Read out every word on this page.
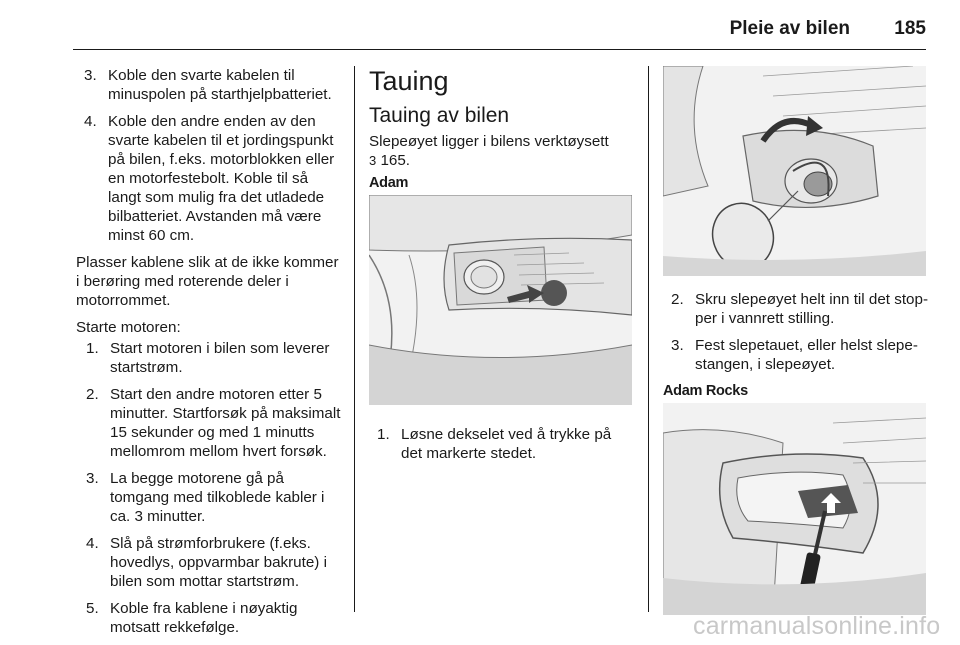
Pleie av bilen	185
3. Koble den svarte kabelen til minuspolen på starthjelpbatteriet.
4. Koble den andre enden av den svarte kabelen til et jordingspunkt på bilen, f.eks. motorblokken eller en motorfestebolt. Koble til så langt som mulig fra det utladede bilbatteriet. Avstanden må være minst 60 cm.

Plasser kablene slik at de ikke kommer i berøring med roterende deler i motorrommet.

Starte motoren:

1. Start motoren i bilen som leverer startstrøm.
2. Start den andre motoren etter 5 minutter. Startforsøk på maksimalt 15 sekunder og med 1 minutts mellomrom mellom hvert forsøk.
3. La begge motorene gå på tomgang med tilkoblede kabler i ca. 3 minutter.
4. Slå på strømforbrukere (f.eks. hovedlys, oppvarmbar bakrute) i bilen som mottar startstrøm.
5. Koble fra kablene i nøyaktig motsatt rekkefølge.
Tauing
Tauing av bilen

Slepeøyet ligger i bilens verktøysett
3 165.

Adam
1. Løsne dekselet ved å trykke på det markerte stedet.
2. Skru slepeøyet helt inn til det stopper i vannrett stilling.
3. Fest slepetauet, eller helst slepestangen, i slepeøyet.
Adam Rocks
carmanualsonline.info
